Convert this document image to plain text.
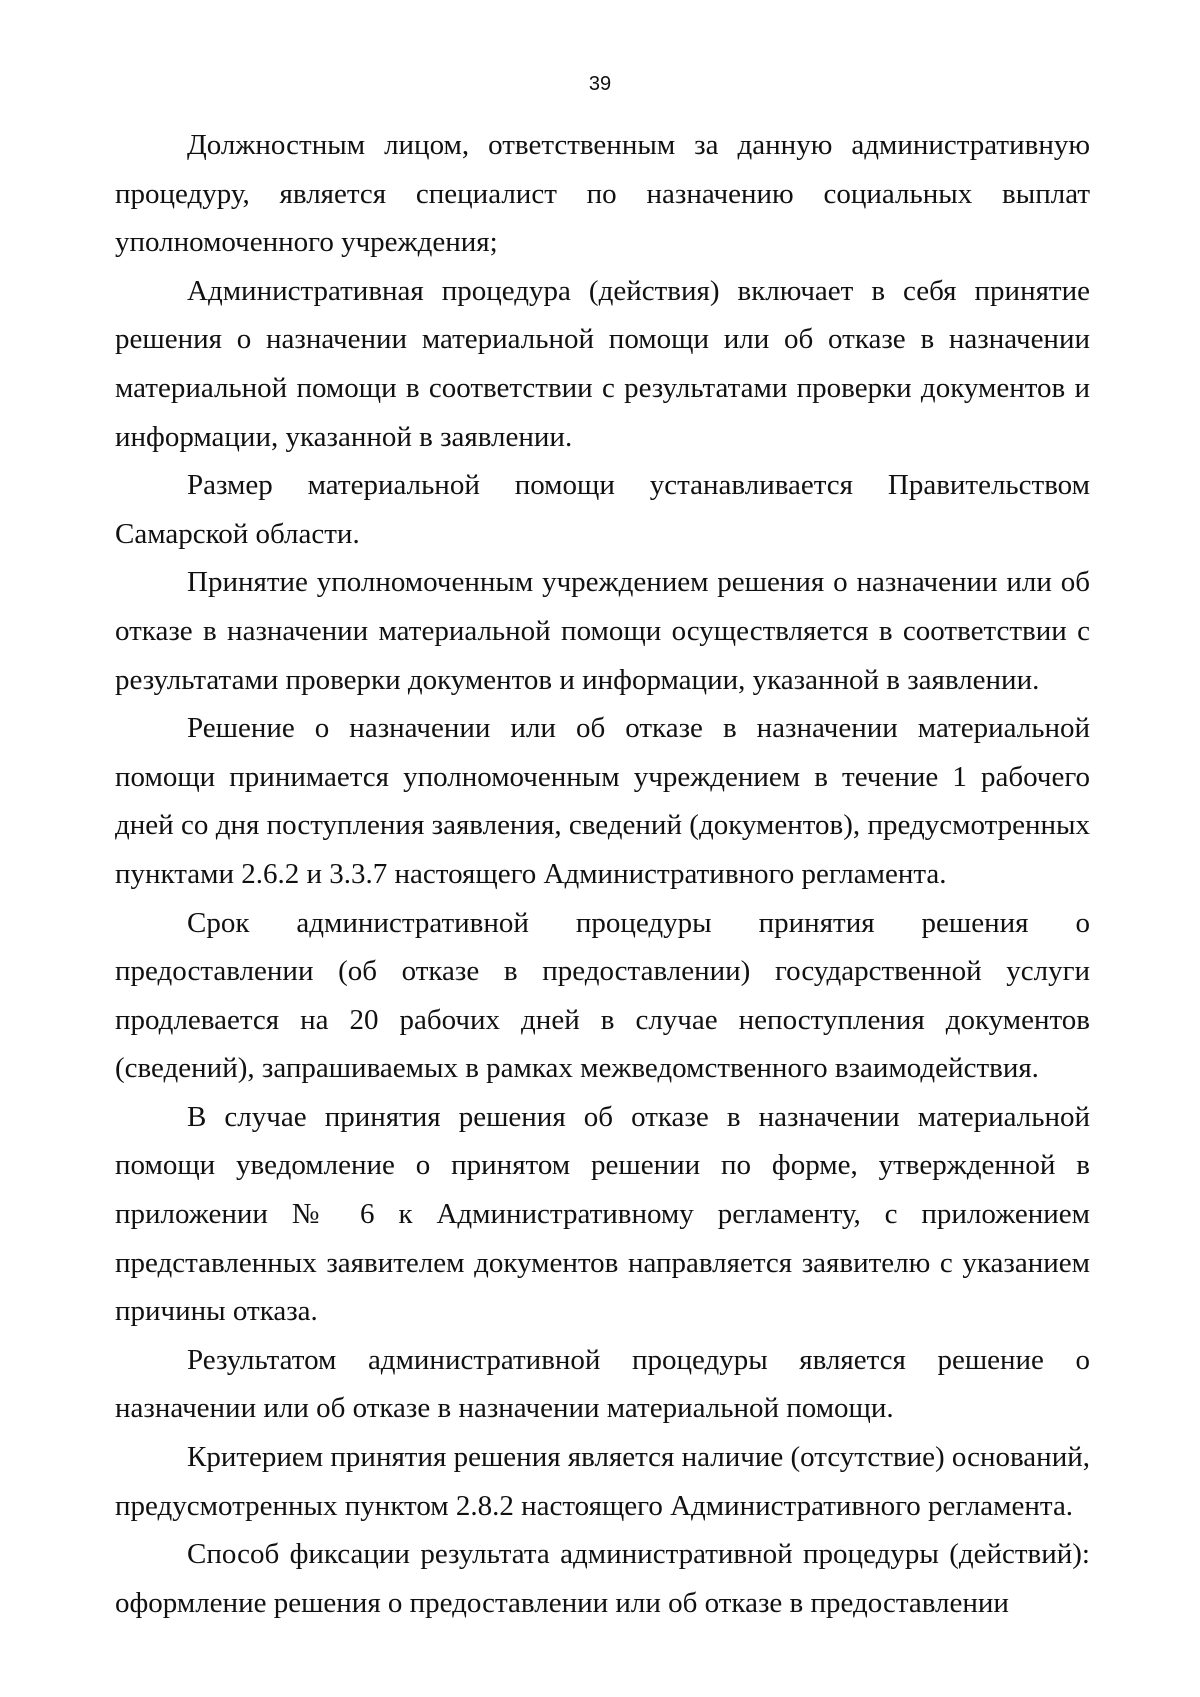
39

Должностным лицом, ответственным за данную административную процедуру, является специалист по назначению социальных выплат уполномоченного учреждения;

Административная процедура (действия) включает в себя принятие решения о назначении материальной помощи или об отказе в назначении материальной помощи в соответствии с результатами проверки документов и информации, указанной в заявлении.

Размер материальной помощи устанавливается Правительством Самарской области.

Принятие уполномоченным учреждением решения о назначении или об отказе в назначении материальной помощи осуществляется в соответствии с результатами проверки документов и информации, указанной в заявлении.

Решение о назначении или об отказе в назначении материальной помощи принимается уполномоченным учреждением в течение 1 рабочего дней со дня поступления заявления, сведений (документов), предусмотренных пунктами 2.6.2 и 3.3.7 настоящего Административного регламента.

Срок административной процедуры принятия решения о предоставлении (об отказе в предоставлении) государственной услуги продлевается на 20 рабочих дней в случае непоступления документов (сведений), запрашиваемых в рамках межведомственного взаимодействия.

В случае принятия решения об отказе в назначении материальной помощи уведомление о принятом решении по форме, утвержденной в приложении № 6 к Административному регламенту, с приложением представленных заявителем документов направляется заявителю с указанием причины отказа.

Результатом административной процедуры является решение о назначении или об отказе в назначении материальной помощи.

Критерием принятия решения является наличие (отсутствие) оснований, предусмотренных пунктом 2.8.2 настоящего Административного регламента.

Способ фиксации результата административной процедуры (действий): оформление решения о предоставлении или об отказе в предоставлении
